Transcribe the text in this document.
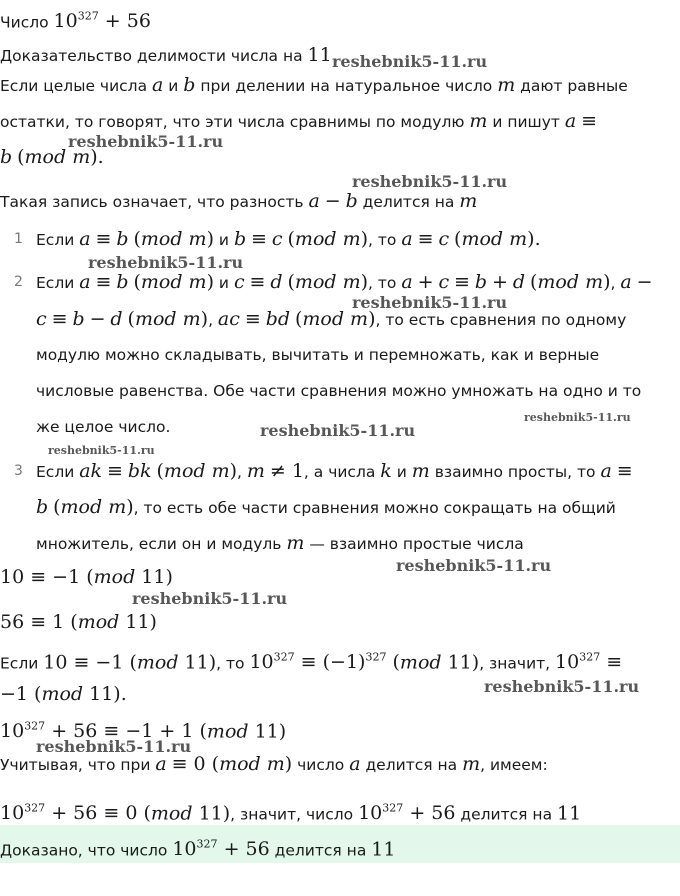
Число $10^{327} + 56$
Доказательство делимости числа на 11
Если целые числа a и b при делении на натуральное число m дают равные
остатки, то говорят, что эти числа сравнимы по модулю m и пишут a ≡
b (mod m).
Такая запись означает, что разность a − b делится на m
1 Если a ≡ b (mod m) и b ≡ c (mod m), то a ≡ c (mod m).
2 Если a ≡ b (mod m) и c ≡ d (mod m), то a + c ≡ b + d (mod m), a −
c ≡ b − d (mod m), ac ≡ bd (mod m), то есть сравнения по одному
модулю можно складывать, вычитать и перемножать, как и верные
числовые равенства. Обе части сравнения можно умножать на одно и то
же целое число.
3 Если ak ≡ bk (mod m), m ≠ 1, а числа k и m взаимно просты, то a ≡
b (mod m), то есть обе части сравнения можно сокращать на общий
множитель, если он и модуль m — взаимно простые числа
10 ≡ −1 (mod 11)
56 ≡ 1 (mod 11)
Если 10 ≡ −1 (mod 11), то $10^{327} \equiv (-1)^{327}$ (mod 11), значит, $10^{327}$ ≡
−1 (mod 11).
$10^{327} + 56 \equiv -1 + 1$ (mod 11)
Учитывая, что при a ≡ 0 (mod m) число a делится на m, имеем:
$10^{327} + 56 \equiv 0$ (mod 11), значит, число $10^{327} + 56$ делится на 11
Доказано, что число $10^{327} + 56$ делится на 11
reshebnik5-11.ru
reshebnik5-11.ru
reshebnik5-11.ru
reshebnik5-11.ru
reshebnik5-11.ru
reshebnik5-11.ru
reshebnik5-11.ru
reshebnik5-11.ru
reshebnik5-11.ru
reshebnik5-11.ru
reshebnik5-11.ru
reshebnik5-11.ru
